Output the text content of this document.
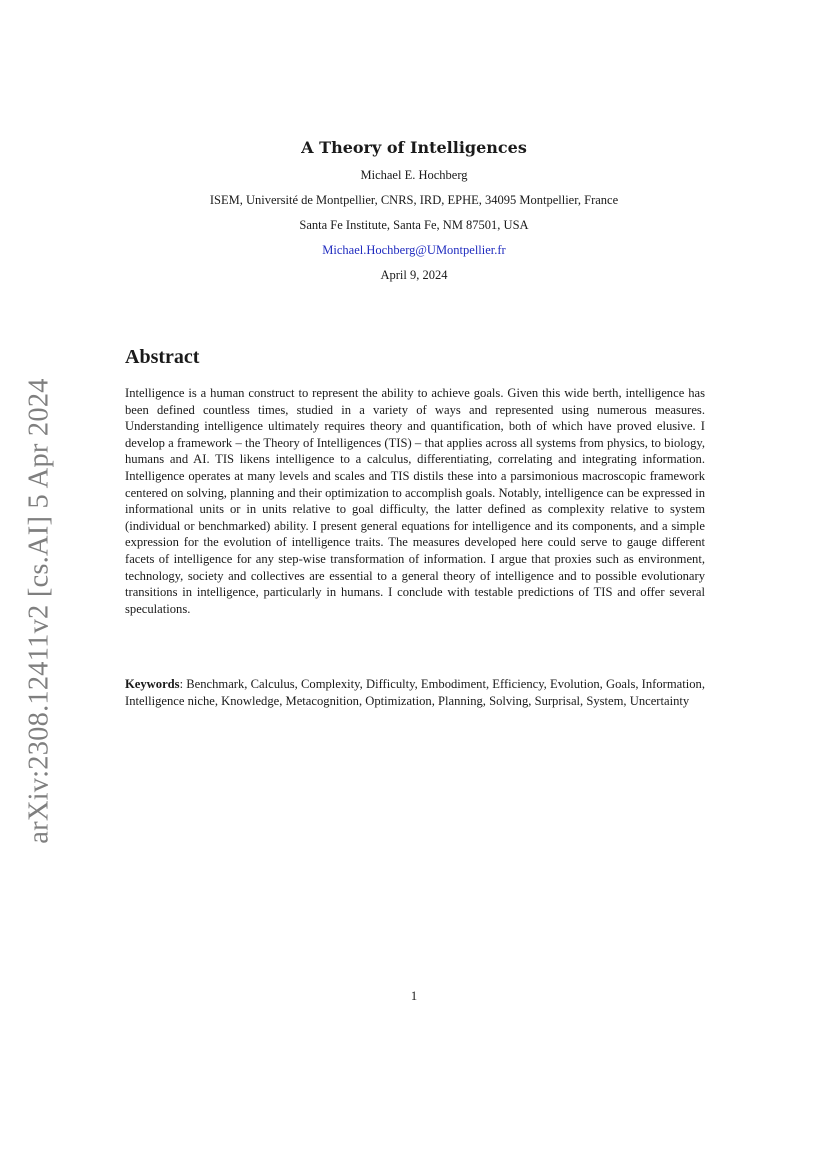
arXiv:2308.12411v2 [cs.AI] 5 Apr 2024
A Theory of Intelligences
Michael E. Hochberg
ISEM, Université de Montpellier, CNRS, IRD, EPHE, 34095 Montpellier, France
Santa Fe Institute, Santa Fe, NM 87501, USA
Michael.Hochberg@UMontpellier.fr
April 9, 2024
Abstract
Intelligence is a human construct to represent the ability to achieve goals. Given this wide berth, intelligence has been defined countless times, studied in a variety of ways and represented using numerous measures. Understanding intelligence ultimately requires theory and quantification, both of which have proved elusive. I develop a framework – the Theory of Intelligences (TIS) – that applies across all systems from physics, to biology, humans and AI. TIS likens intelligence to a calculus, differentiating, correlating and integrating information. Intelligence operates at many levels and scales and TIS distils these into a parsimonious macroscopic framework centered on solving, planning and their optimization to accomplish goals. Notably, intelligence can be expressed in informational units or in units relative to goal difficulty, the latter defined as complexity relative to system (individual or benchmarked) ability. I present general equations for intelligence and its components, and a simple expression for the evolution of intelligence traits. The measures developed here could serve to gauge different facets of intelligence for any step-wise transformation of information. I argue that proxies such as environment, technology, society and collectives are essential to a general theory of intelligence and to possible evolutionary transitions in intelligence, particularly in humans. I conclude with testable predictions of TIS and offer several speculations.
Keywords: Benchmark, Calculus, Complexity, Difficulty, Embodiment, Efficiency, Evolution, Goals, Information, Intelligence niche, Knowledge, Metacognition, Optimization, Planning, Solving, Surprisal, System, Uncertainty
1
